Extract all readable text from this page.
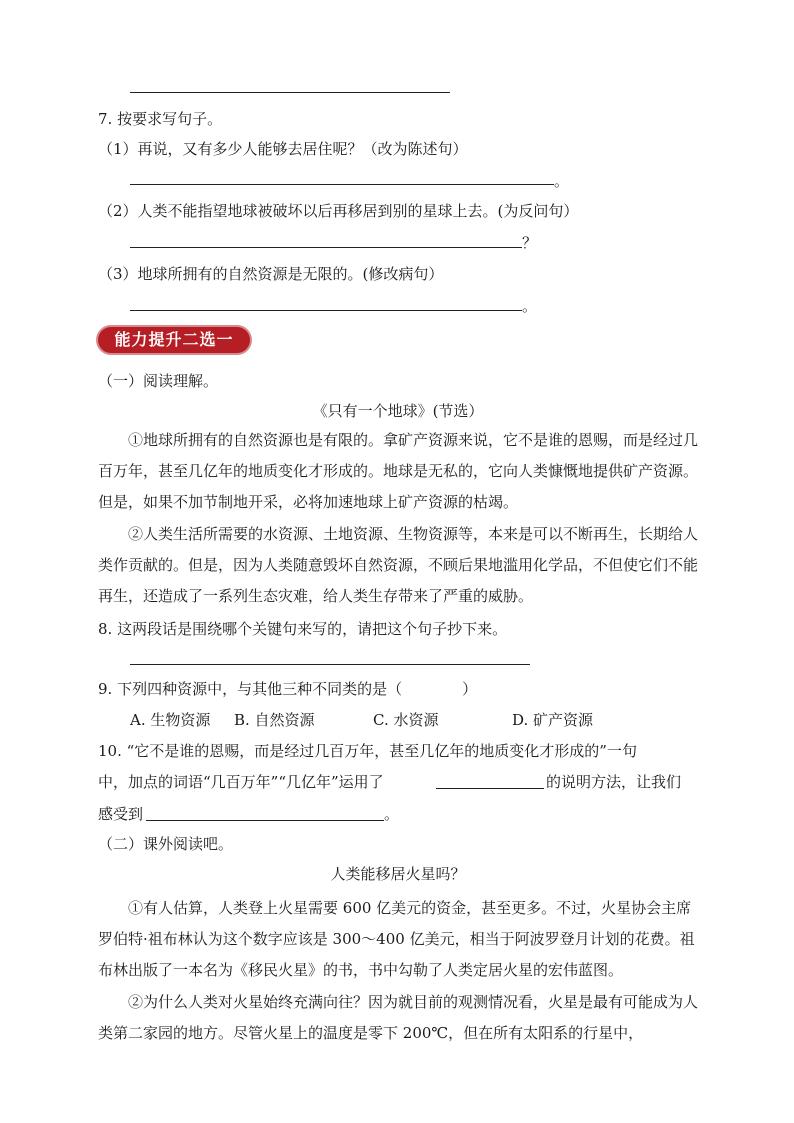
7. 按要求写句子。
（1）再说，又有多少人能够去居住呢？（改为陈述句）
。
（2）人类不能指望地球被破坏以后再移居到别的星球上去。(为反问句）
？
（3）地球所拥有的自然资源是无限的。(修改病句）
。
能力提升二选一
（一）阅读理解。
《只有一个地球》(节选）
①地球所拥有的自然资源也是有限的。拿矿产资源来说，它不是谁的恩赐，而是经过几百万年，甚至几亿年的地质变化才形成的。地球是无私的，它向人类慷慨地提供矿产资源。但是，如果不加节制地开采，必将加速地球上矿产资源的枯竭。
②人类生活所需要的水资源、土地资源、生物资源等，本来是可以不断再生，长期给人类作贡献的。但是，因为人类随意毁坏自然资源，不顾后果地滥用化学品，不但使它们不能再生，还造成了一系列生态灾难，给人类生存带来了严重的威胁。
8. 这两段话是围绕哪个关键句来写的，请把这个句子抄下来。
9. 下列四种资源中，与其他三种不同类的是（　　　　）
A. 生物资源 B. 自然资源	C. 水资源	D. 矿产资源
10. “它不是谁的恩赐，而是经过几百万年，甚至几亿年的地质变化才形成的”一句
中，加点的词语“几百万年”“几亿年”运用了	的说明方法，让我们
感受到	。
（二）课外阅读吧。
人类能移居火星吗？
①有人估算，人类登上火星需要 600 亿美元的资金，甚至更多。不过，火星协会主席罗伯特·祖布林认为这个数字应该是 300～400 亿美元，相当于阿波罗登月计划的花费。祖布林出版了一本名为《移民火星》的书，书中勾勒了人类定居火星的宏伟蓝图。
②为什么人类对火星始终充满向往？因为就目前的观测情况看，火星是最有可能成为人类第二家园的地方。尽管火星上的温度是零下 200℃，但在所有太阳系的行星中，
